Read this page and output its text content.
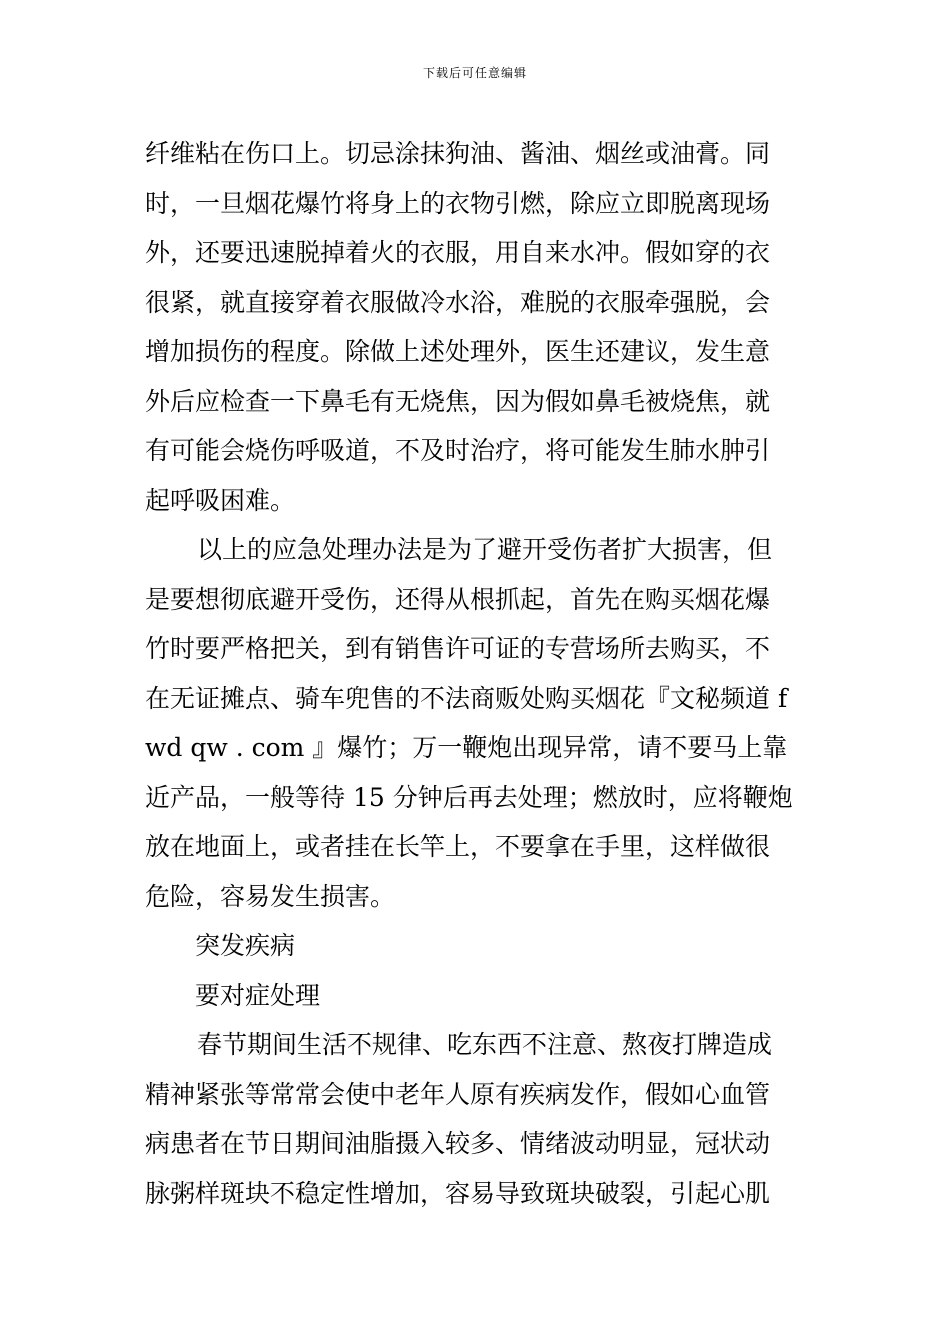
下载后可任意编辑
纤维粘在伤口上。切忌涂抹狗油、酱油、烟丝或油膏。同
时，一旦烟花爆竹将身上的衣物引燃，除应立即脱离现场
外，还要迅速脱掉着火的衣服，用自来水冲。假如穿的衣
很紧，就直接穿着衣服做冷水浴，难脱的衣服牵强脱，会
增加损伤的程度。除做上述处理外，医生还建议，发生意
外后应检查一下鼻毛有无烧焦，因为假如鼻毛被烧焦，就
有可能会烧伤呼吸道，不及时治疗，将可能发生肺水肿引
起呼吸困难。
以上的应急处理办法是为了避开受伤者扩大损害，但
是要想彻底避开受伤，还得从根抓起，首先在购买烟花爆
竹时要严格把关，到有销售许可证的专营场所去购买，不
在无证摊点、骑车兜售的不法商贩处购买烟花『文秘频道 f
wd qw . com 』爆竹；万一鞭炮出现异常，请不要马上靠
近产品，一般等待 15 分钟后再去处理；燃放时，应将鞭炮
放在地面上，或者挂在长竿上，不要拿在手里，这样做很
危险，容易发生损害。
突发疾病
要对症处理
春节期间生活不规律、吃东西不注意、熬夜打牌造成
精神紧张等常常会使中老年人原有疾病发作，假如心血管
病患者在节日期间油脂摄入较多、情绪波动明显，冠状动
脉粥样斑块不稳定性增加，容易导致斑块破裂，引起心肌
